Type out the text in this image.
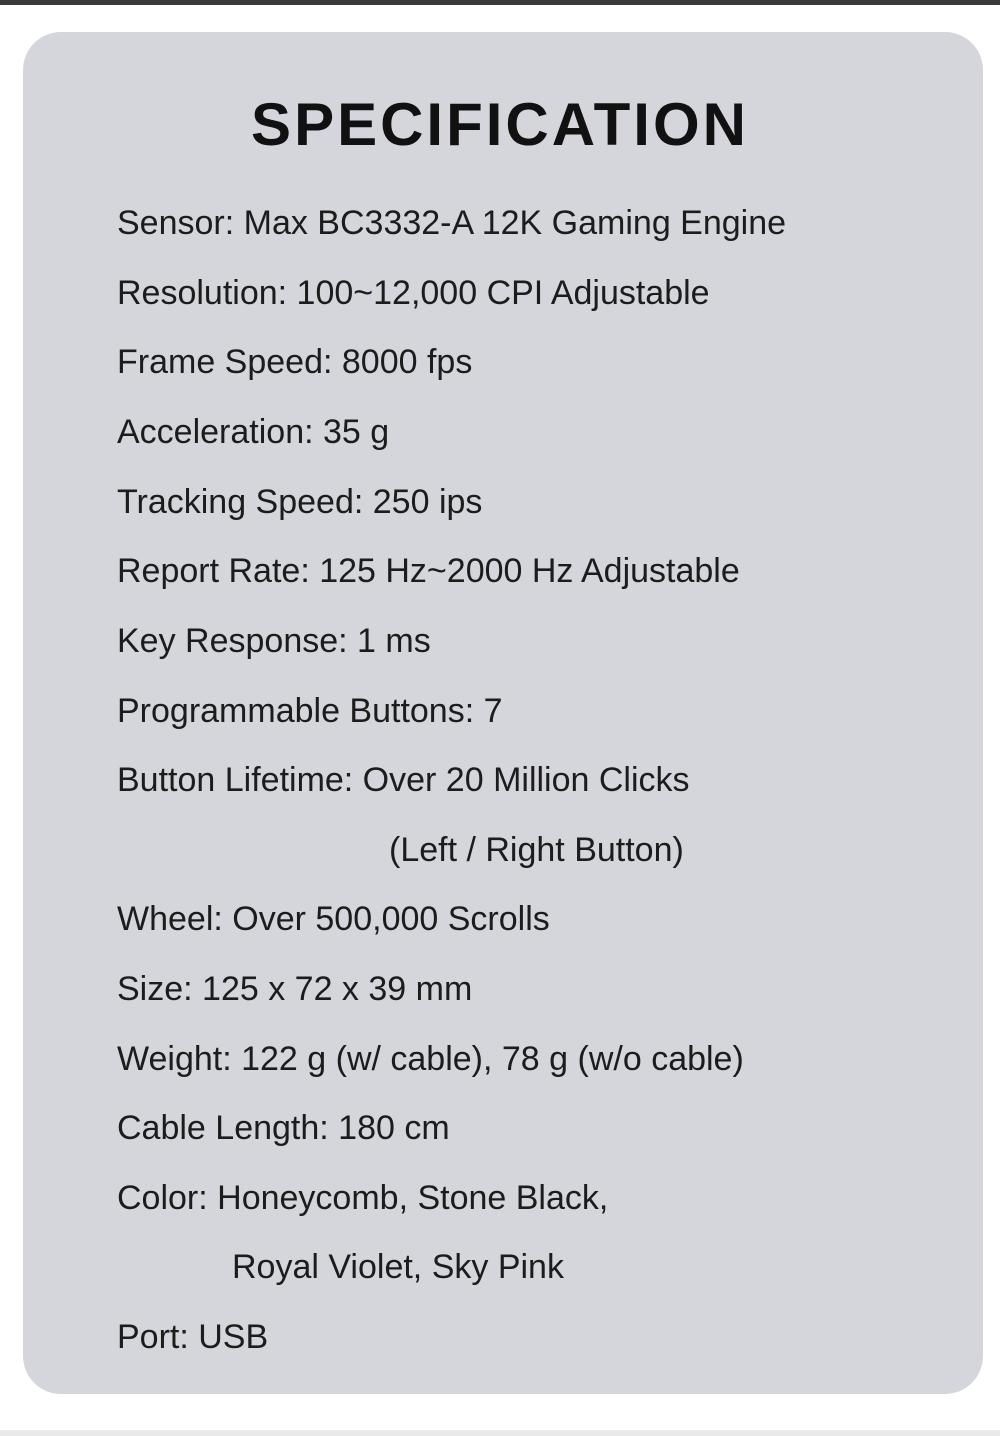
SPECIFICATION
Sensor: Max BC3332-A 12K Gaming Engine
Resolution: 100~12,000 CPI Adjustable
Frame Speed: 8000 fps
Acceleration: 35 g
Tracking Speed: 250 ips
Report Rate: 125 Hz~2000 Hz Adjustable
Key Response: 1 ms
Programmable Buttons: 7
Button Lifetime: Over 20 Million Clicks
(Left / Right Button)
Wheel: Over 500,000 Scrolls
Size: 125 x 72 x 39 mm
Weight: 122 g (w/ cable), 78 g (w/o cable)
Cable Length: 180 cm
Color: Honeycomb, Stone Black,
Royal Violet, Sky Pink
Port: USB
